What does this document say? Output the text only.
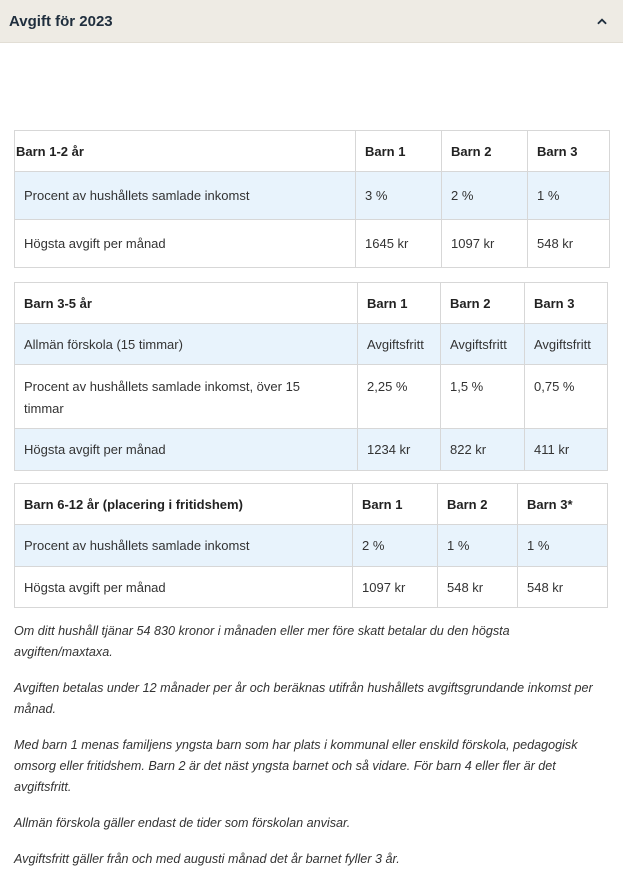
Avgift för 2023
Barn 1-2 år	Barn 1	Barn 2	Barn 3
Procent av hushållets samlade inkomst	3 %	2 %	1 %
Högsta avgift per månad	1645 kr	1097 kr	548 kr
Barn 3-5 år	Barn 1	Barn 2	Barn 3
Allmän förskola (15 timmar)	Avgiftsfritt	Avgiftsfritt	Avgiftsfritt
Procent av hushållets samlade inkomst, över 15 timmar	2,25 %	1,5 %	0,75 %
Högsta avgift per månad	1234 kr	822 kr	411 kr
Barn 6-12 år (placering i fritidshem)	Barn 1	Barn 2	Barn 3*
Procent av hushållets samlade inkomst	2 %	1 %	1 %
Högsta avgift per månad	1097 kr	548 kr	548 kr

Om ditt hushåll tjänar 54 830 kronor i månaden eller mer före skatt betalar du den högsta avgiften/maxtaxa.

Avgiften betalas under 12 månader per år och beräknas utifrån hushållets avgiftsgrundande inkomst per månad.

Med barn 1 menas familjens yngsta barn som har plats i kommunal eller enskild förskola, pedagogisk omsorg eller fritidshem. Barn 2 är det näst yngsta barnet och så vidare. För barn 4 eller fler är det avgiftsfritt.

Allmän förskola gäller endast de tider som förskolan anvisar.

Avgiftsfritt gäller från och med augusti månad det år barnet fyller 3 år.
